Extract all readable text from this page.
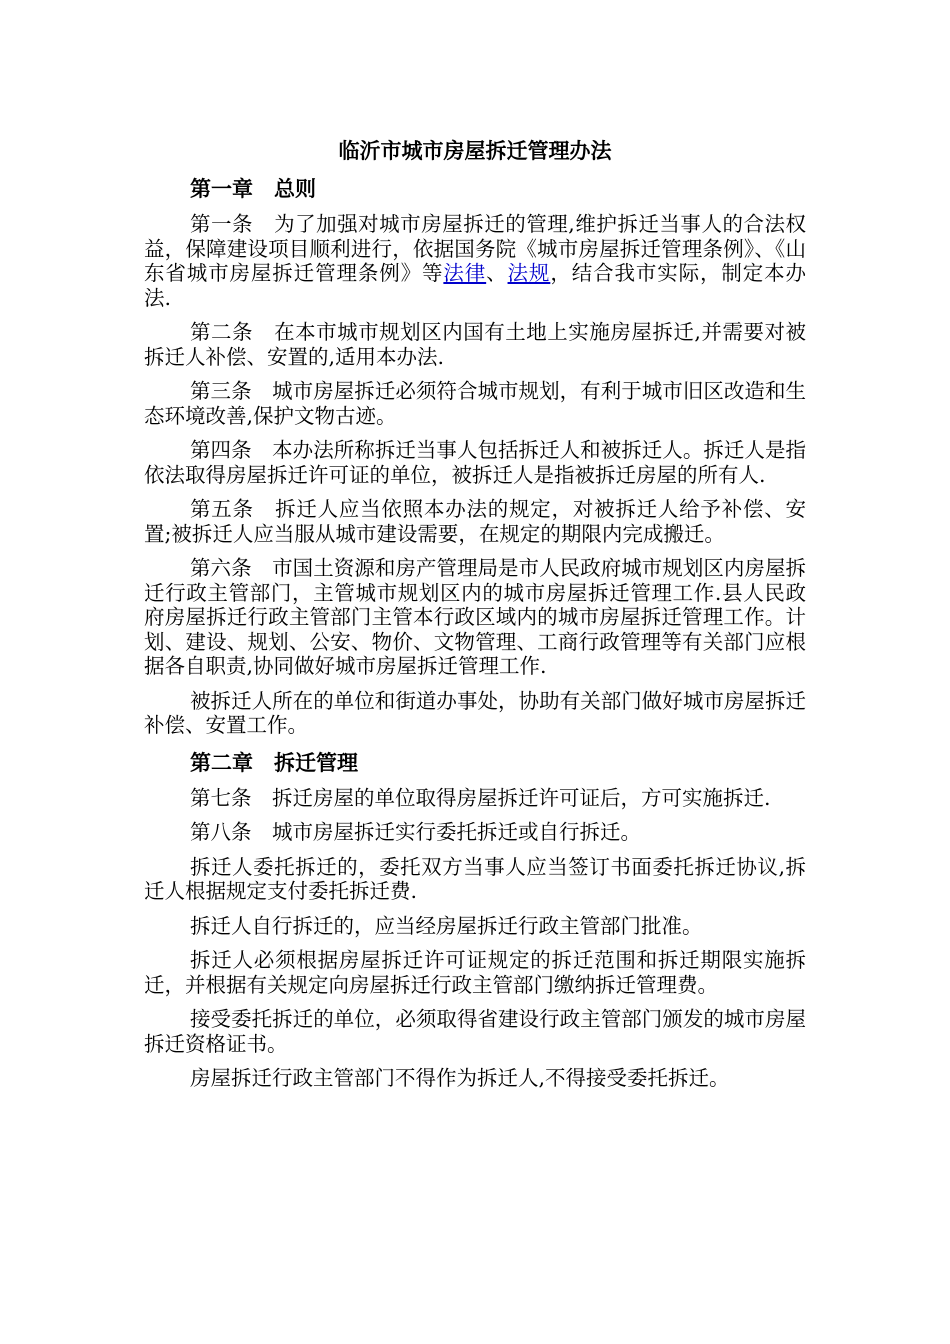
临沂市城市房屋拆迁管理办法
第一章　总则

第一条　为了加强对城市房屋拆迁的管理,维护拆迁当事人的合法权益，保障建设项目顺利进行，依据国务院《城市房屋拆迁管理条例》、《山东省城市房屋拆迁管理条例》等法律、法规，结合我市实际，制定本办法.

第二条　在本市城市规划区内国有土地上实施房屋拆迁,并需要对被拆迁人补偿、安置的,适用本办法.

第三条　城市房屋拆迁必须符合城市规划，有利于城市旧区改造和生态环境改善,保护文物古迹。

第四条　本办法所称拆迁当事人包括拆迁人和被拆迁人。拆迁人是指依法取得房屋拆迁许可证的单位，被拆迁人是指被拆迁房屋的所有人.

第五条　拆迁人应当依照本办法的规定，对被拆迁人给予补偿、安置;被拆迁人应当服从城市建设需要，在规定的期限内完成搬迁。

第六条　市国土资源和房产管理局是市人民政府城市规划区内房屋拆迁行政主管部门，主管城市规划区内的城市房屋拆迁管理工作.县人民政府房屋拆迁行政主管部门主管本行政区域内的城市房屋拆迁管理工作。计划、建设、规划、公安、物价、文物管理、工商行政管理等有关部门应根据各自职责,协同做好城市房屋拆迁管理工作.

被拆迁人所在的单位和街道办事处，协助有关部门做好城市房屋拆迁补偿、安置工作。

第二章　拆迁管理

第七条　拆迁房屋的单位取得房屋拆迁许可证后，方可实施拆迁.

第八条　城市房屋拆迁实行委托拆迁或自行拆迁。

拆迁人委托拆迁的，委托双方当事人应当签订书面委托拆迁协议,拆迁人根据规定支付委托拆迁费.

拆迁人自行拆迁的，应当经房屋拆迁行政主管部门批准。

拆迁人必须根据房屋拆迁许可证规定的拆迁范围和拆迁期限实施拆迁，并根据有关规定向房屋拆迁行政主管部门缴纳拆迁管理费。

接受委托拆迁的单位，必须取得省建设行政主管部门颁发的城市房屋拆迁资格证书。

房屋拆迁行政主管部门不得作为拆迁人,不得接受委托拆迁。
